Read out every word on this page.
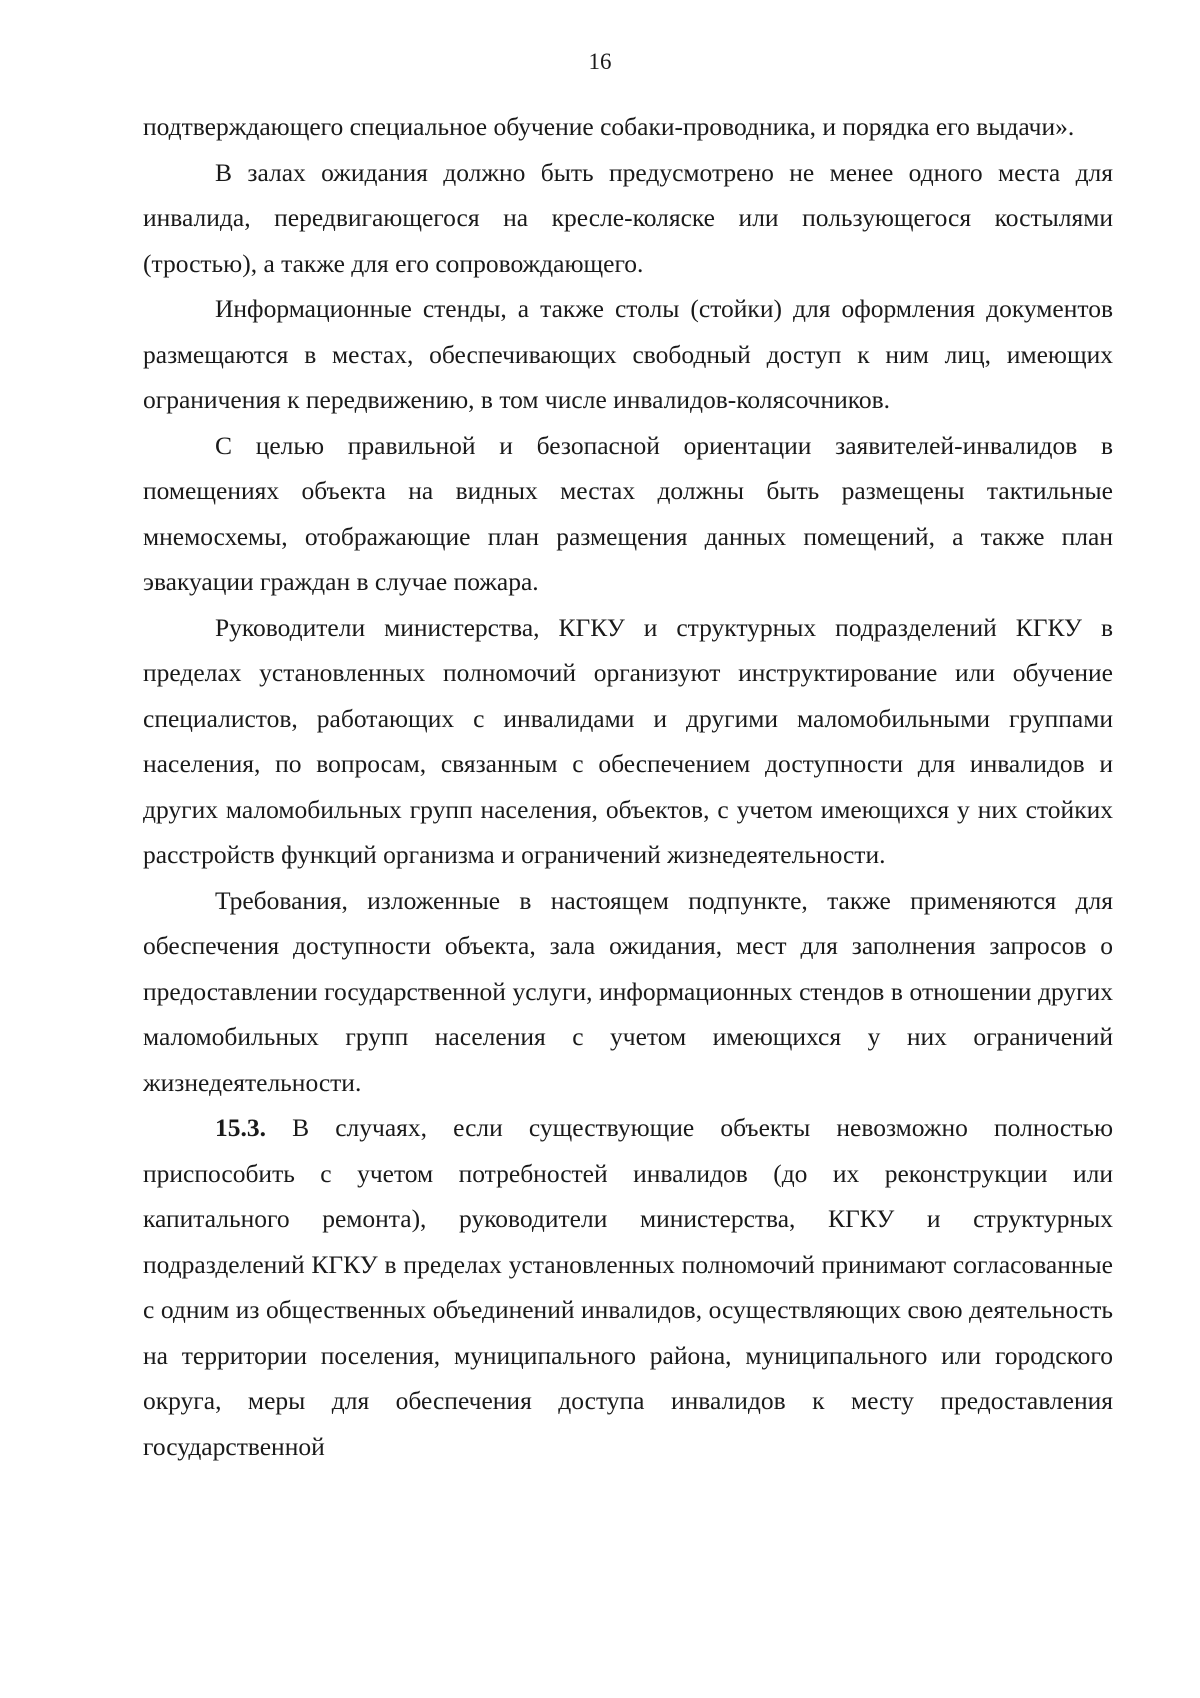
16

подтверждающего специальное обучение собаки-проводника, и порядка его выдачи».

В залах ожидания должно быть предусмотрено не менее одного места для инвалида, передвигающегося на кресле-коляске или пользующегося костылями (тростью), а также для его сопровождающего.

Информационные стенды, а также столы (стойки) для оформления документов размещаются в местах, обеспечивающих свободный доступ к ним лиц, имеющих ограничения к передвижению, в том числе инвалидов-колясочников.

С целью правильной и безопасной ориентации заявителей-инвалидов в помещениях объекта на видных местах должны быть размещены тактильные мнемосхемы, отображающие план размещения данных помещений, а также план эвакуации граждан в случае пожара.

Руководители министерства, КГКУ и структурных подразделений КГКУ в пределах установленных полномочий организуют инструктирование или обучение специалистов, работающих с инвалидами и другими маломобильными группами населения, по вопросам, связанным с обеспечением доступности для инвалидов и других маломобильных групп населения, объектов, с учетом имеющихся у них стойких расстройств функций организма и ограничений жизнедеятельности.

Требования, изложенные в настоящем подпункте, также применяются для обеспечения доступности объекта, зала ожидания, мест для заполнения запросов о предоставлении государственной услуги, информационных стендов в отношении других маломобильных групп населения с учетом имеющихся у них ограничений жизнедеятельности.

15.3. В случаях, если существующие объекты невозможно полностью приспособить с учетом потребностей инвалидов (до их реконструкции или капитального ремонта), руководители министерства, КГКУ и структурных подразделений КГКУ в пределах установленных полномочий принимают согласованные с одним из общественных объединений инвалидов, осуществляющих свою деятельность на территории поселения, муниципального района, муниципального или городского округа, меры для обеспечения доступа инвалидов к месту предоставления государственной
